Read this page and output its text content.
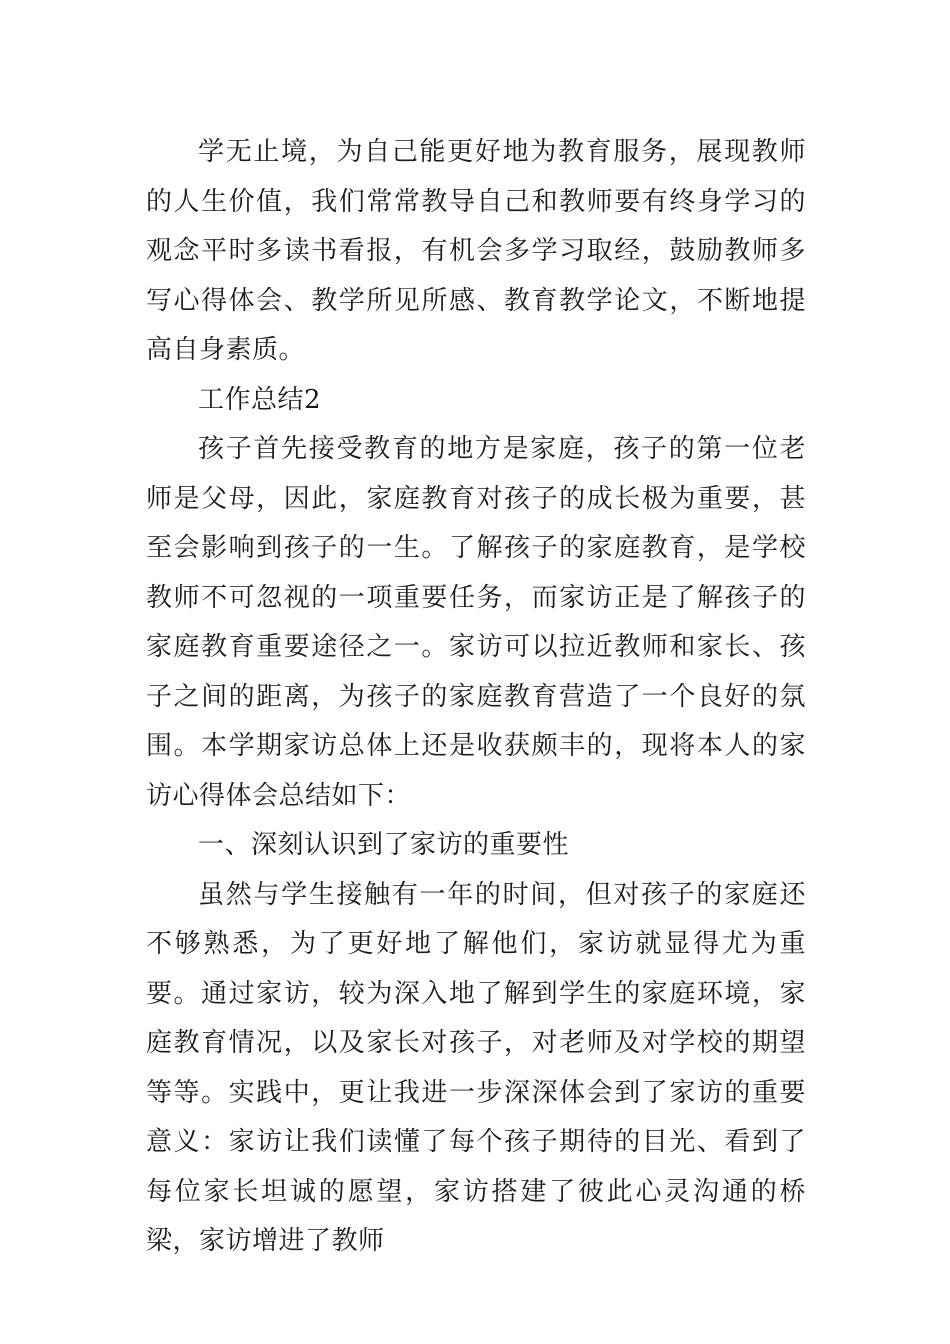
学无止境，为自己能更好地为教育服务，展现教师的人生价值，我们常常教导自己和教师要有终身学习的观念平时多读书看报，有机会多学习取经，鼓励教师多写心得体会、教学所见所感、教育教学论文，不断地提高自身素质。

工作总结2

孩子首先接受教育的地方是家庭，孩子的第一位老师是父母，因此，家庭教育对孩子的成长极为重要，甚至会影响到孩子的一生。了解孩子的家庭教育，是学校教师不可忽视的一项重要任务，而家访正是了解孩子的家庭教育重要途径之一。家访可以拉近教师和家长、孩子之间的距离，为孩子的家庭教育营造了一个良好的氛围。本学期家访总体上还是收获颇丰的，现将本人的家访心得体会总结如下：

一、深刻认识到了家访的重要性

虽然与学生接触有一年的时间，但对孩子的家庭还不够熟悉，为了更好地了解他们，家访就显得尤为重要。通过家访，较为深入地了解到学生的家庭环境，家庭教育情况，以及家长对孩子，对老师及对学校的期望等等。实践中，更让我进一步深深体会到了家访的重要意义：家访让我们读懂了每个孩子期待的目光、看到了每位家长坦诚的愿望，家访搭建了彼此心灵沟通的桥梁，家访增进了教师
